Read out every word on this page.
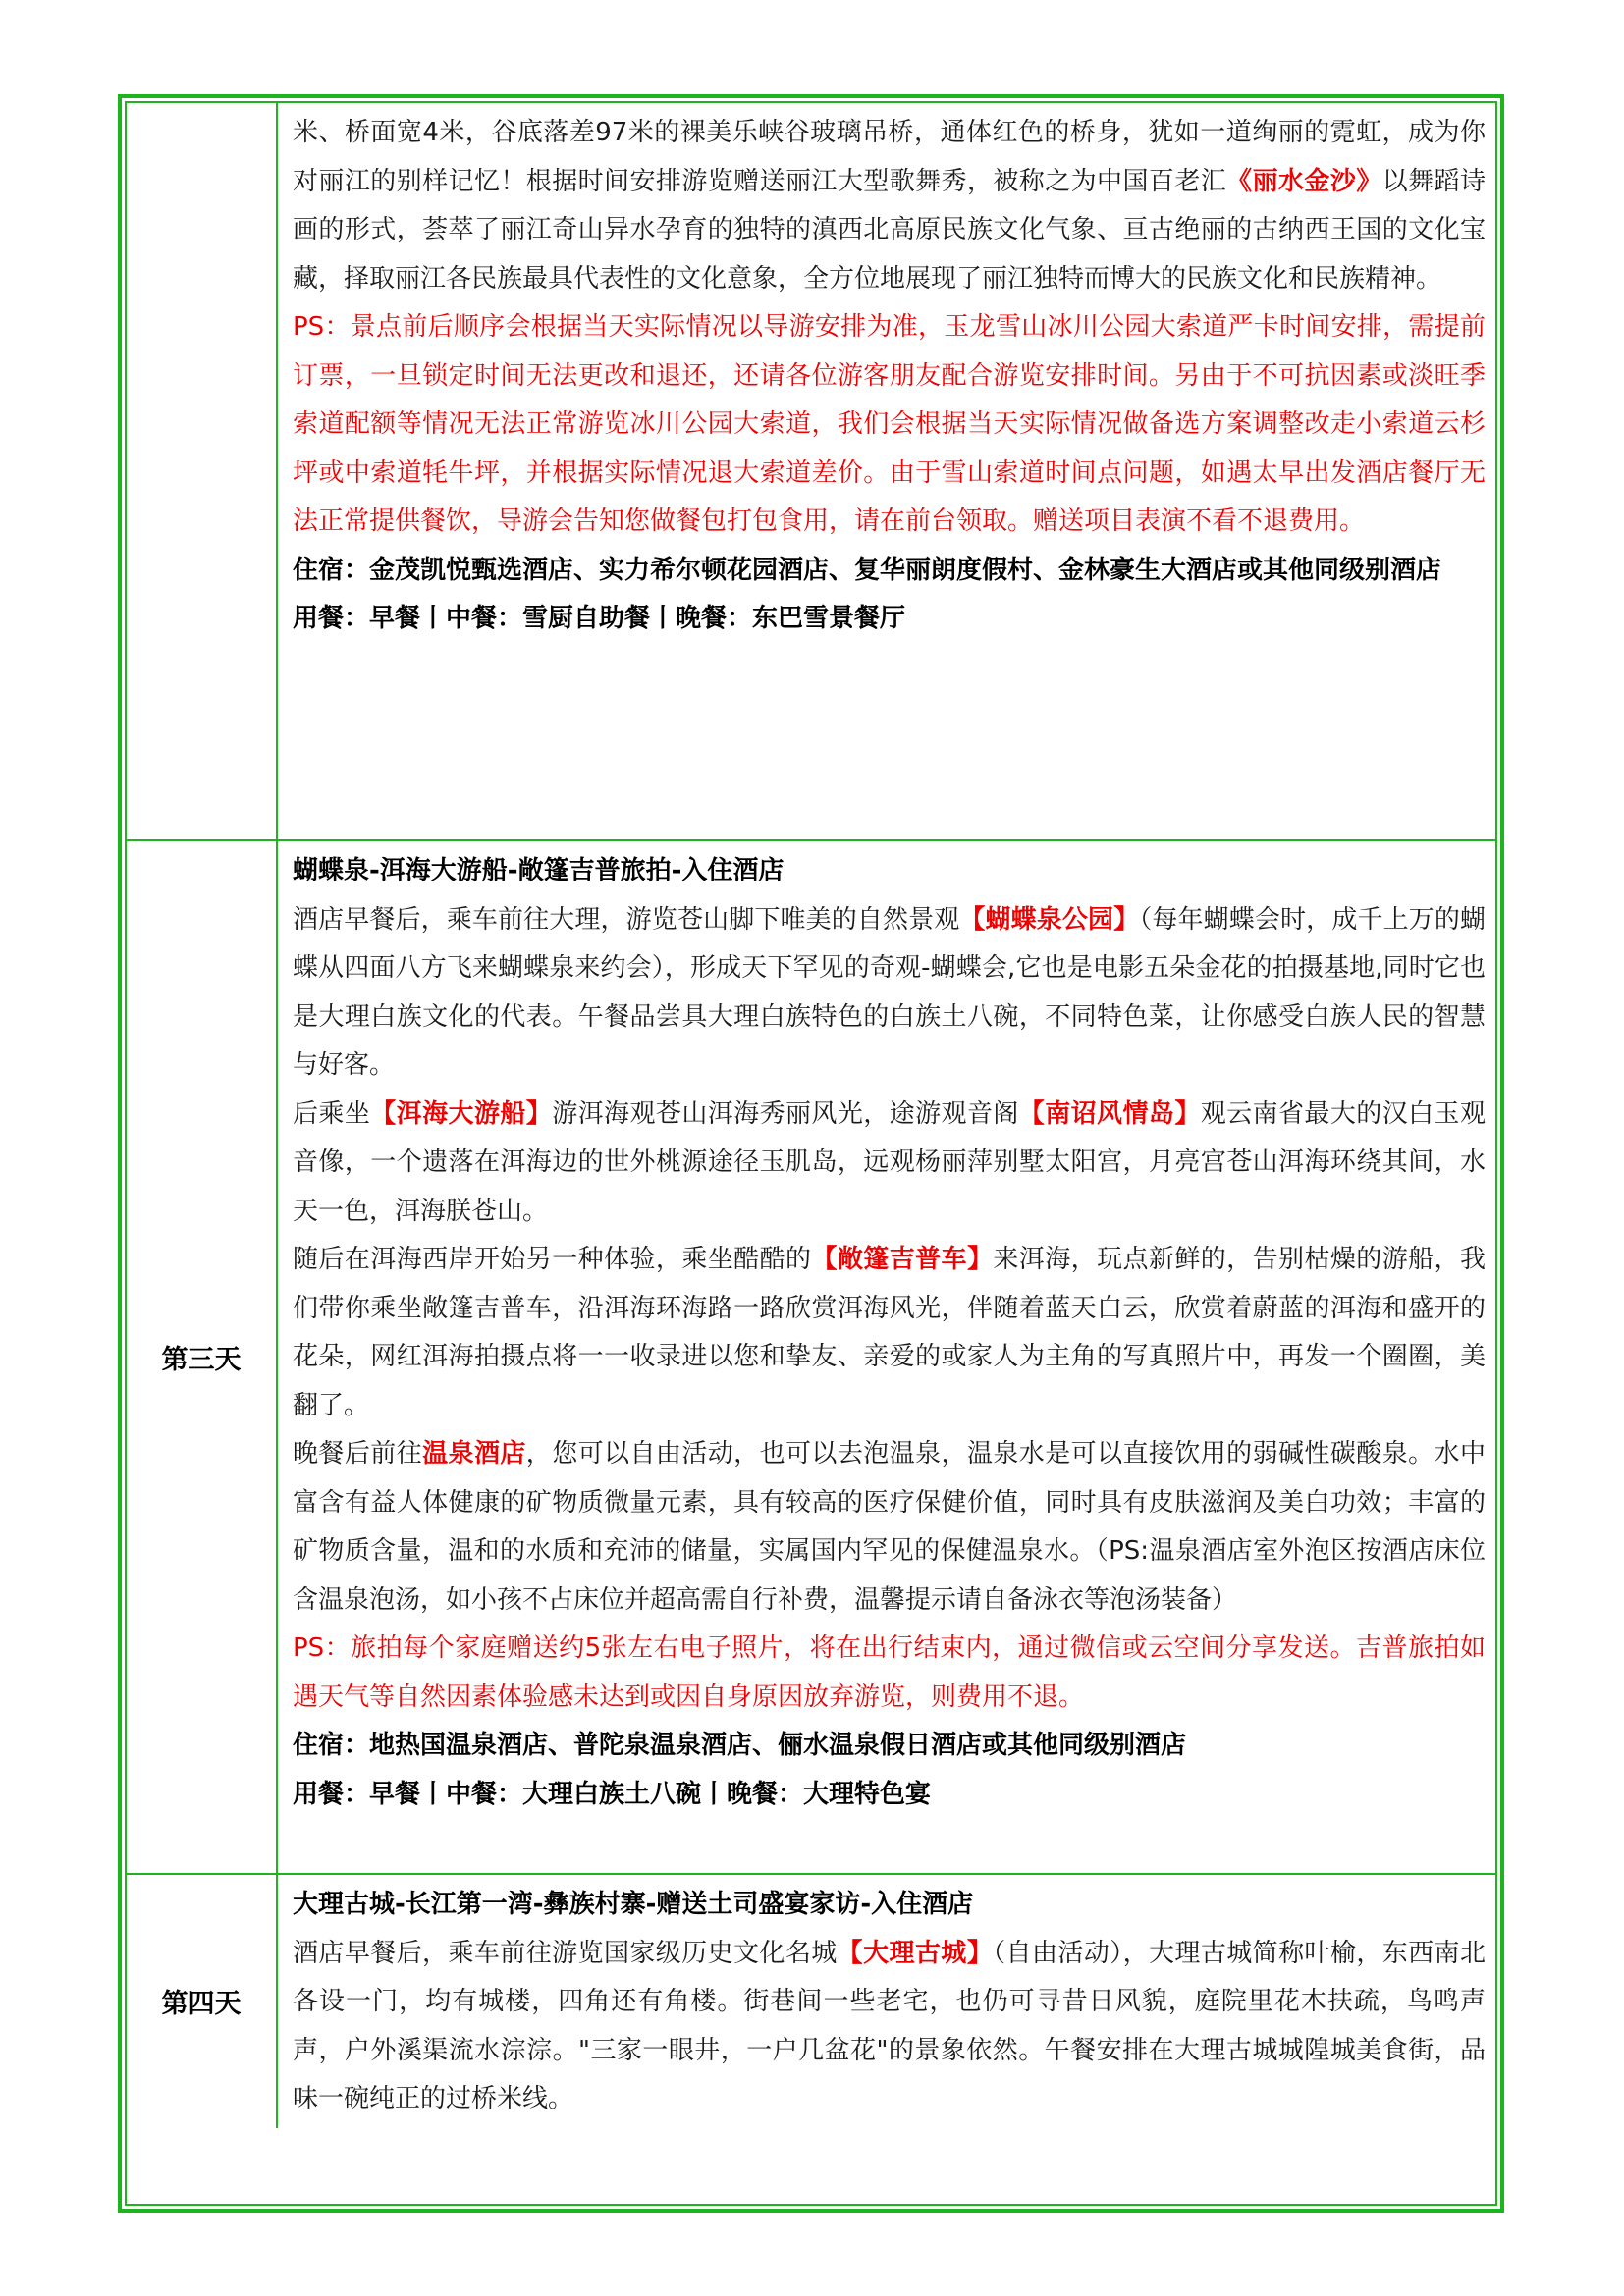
米、桥面宽4米，谷底落差97米的裸美乐峡谷玻璃吊桥，通体红色的桥身，犹如一道绚丽的霓虹，成为你对丽江的别样记忆！根据时间安排游览赠送丽江大型歌舞秀，被称之为中国百老汇《丽水金沙》以舞蹈诗画的形式，荟萃了丽江奇山异水孕育的独特的滇西北高原民族文化气象、亘古绝丽的古纳西王国的文化宝藏，择取丽江各民族最具代表性的文化意象，全方位地展现了丽江独特而博大的民族文化和民族精神。

PS：景点前后顺序会根据当天实际情况以导游安排为准，玉龙雪山冰川公园大索道严卡时间安排，需提前订票，一旦锁定时间无法更改和退还，还请各位游客朋友配合游览安排时间。另由于不可抗因素或淡旺季索道配额等情况无法正常游览冰川公园大索道，我们会根据当天实际情况做备选方案调整改走小索道云杉坪或中索道牦牛坪，并根据实际情况退大索道差价。由于雪山索道时间点问题，如遇太早出发酒店餐厅无法正常提供餐饮，导游会告知您做餐包打包食用，请在前台领取。赠送项目表演不看不退费用。

住宿：金茂凯悦甄选酒店、实力希尔顿花园酒店、复华丽朗度假村、金林豪生大酒店或其他同级别酒店

用餐：早餐丨中餐：雪厨自助餐丨晚餐：东巴雪景餐厅

第三天

蝴蝶泉-洱海大游船-敞篷吉普旅拍-入住酒店

酒店早餐后，乘车前往大理，游览苍山脚下唯美的自然景观【蝴蝶泉公园】（每年蝴蝶会时，成千上万的蝴蝶从四面八方飞来蝴蝶泉来约会），形成天下罕见的奇观-蝴蝶会,它也是电影五朵金花的拍摄基地,同时它也是大理白族文化的代表。午餐品尝具大理白族特色的白族土八碗，不同特色菜，让你感受白族人民的智慧与好客。

后乘坐【洱海大游船】游洱海观苍山洱海秀丽风光，途游观音阁【南诏风情岛】观云南省最大的汉白玉观音像，一个遗落在洱海边的世外桃源途径玉肌岛，远观杨丽萍别墅太阳宫，月亮宫苍山洱海环绕其间，水天一色，洱海朕苍山。

随后在洱海西岸开始另一种体验，乘坐酷酷的【敞篷吉普车】来洱海，玩点新鲜的，告别枯燥的游船，我们带你乘坐敞篷吉普车，沿洱海环海路一路欣赏洱海风光，伴随着蓝天白云，欣赏着蔚蓝的洱海和盛开的花朵，网红洱海拍摄点将一一收录进以您和挚友、亲爱的或家人为主角的写真照片中，再发一个圈圈，美翻了。

晚餐后前往温泉酒店，您可以自由活动，也可以去泡温泉，温泉水是可以直接饮用的弱碱性碳酸泉。水中富含有益人体健康的矿物质微量元素，具有较高的医疗保健价值，同时具有皮肤滋润及美白功效；丰富的矿物质含量，温和的水质和充沛的储量，实属国内罕见的保健温泉水。（PS:温泉酒店室外泡区按酒店床位含温泉泡汤，如小孩不占床位并超高需自行补费，温馨提示请自备泳衣等泡汤装备）

PS：旅拍每个家庭赠送约5张左右电子照片，将在出行结束内，通过微信或云空间分享发送。吉普旅拍如遇天气等自然因素体验感未达到或因自身原因放弃游览，则费用不退。

住宿：地热国温泉酒店、普陀泉温泉酒店、俪水温泉假日酒店或其他同级别酒店

用餐：早餐丨中餐：大理白族土八碗丨晚餐：大理特色宴

第四天

大理古城-长江第一湾-彝族村寨-赠送土司盛宴家访-入住酒店

酒店早餐后，乘车前往游览国家级历史文化名城【大理古城】（自由活动），大理古城简称叶榆，东西南北各设一门，均有城楼，四角还有角楼。街巷间一些老宅，也仍可寻昔日风貌，庭院里花木扶疏，鸟鸣声声，户外溪渠流水淙淙。"三家一眼井，一户几盆花"的景象依然。午餐安排在大理古城城隍城美食街，品味一碗纯正的过桥米线。
